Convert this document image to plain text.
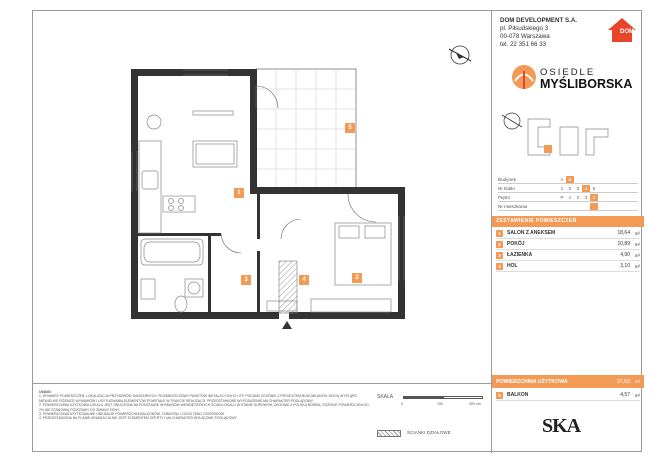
1
2
3	4
5
DOM DEVELOPMENT S.A.
pl. Piłsudskiego 3
00-078 Warszawa
tel. 22 351 66 33
DOM
OSIEDLE
MYŚLIBORSKA
Budynek	A	B
Nr klatki	1	2	3	4	5
Piętro	P	1	2	3	4
Nr mieszkania
ZESTAWIENIE POMIESZCZEŃ
1	SALON Z ANEKSEM	18,64	m²
2	POKÓJ	10,89	m²
3	ŁAZIENKA	4,90	m²
4	HOL	3,10	m²
POWIERZCHNIA UŻYTKOWA	37,53	m²
5	BALKON	4,57	m²
SKA
UWAGI:
1. WYMIARY POMIESZCZEŃ, LOKALIZACJA PRZYBORÓW SANITARNYCH, ROZMIESZCZENIE PUNKTÓW INSTALACYJNYCH ITP. PODANO ZGODNIE Z PROJEKTEM BUDOWLANYM. MOGĄ WYSTĄPIĆ NIEWIELKIE RÓŻNICE WYMIARÓW I USYTUOWANIA ELEMENTÓW POWSTAŁE W TRAKCIE REALIZACJI. PRZEDSTAWIONE WYPOSAŻENIE MA CHARAKTER POGLĄDOWY.
2. POWIERZCHNIA UŻYTKOWA LOKALU JEST OBLICZONA NA PODSTAWIE WYMIARÓW WEWNĘTRZNYCH ŚCIAN LOKALU W STANIE SUROWYM, ZGODNIE Z POLSKĄ NORMĄ. RÓŻNICE POWIERZCHNI DO 2% NIE STANOWIĄ PODSTAWY DO ZMIANY CENY.
3. POWIERZCHNIA UŻYTKOWA NIE OBEJMUJE POWIERZCHNI BALKONÓW, TARASÓW, LOGGII ORAZ OGRÓDKÓW.
4. PRZEDSTAWIONA NA PLANIE ARANŻACJA NIE JEST ELEMENTEM OFERTY I MA CHARAKTER WYŁĄCZNIE POGLĄDOWY.
SKALA
0	100	200 cm
ŚCIANKI DZIAŁOWE
